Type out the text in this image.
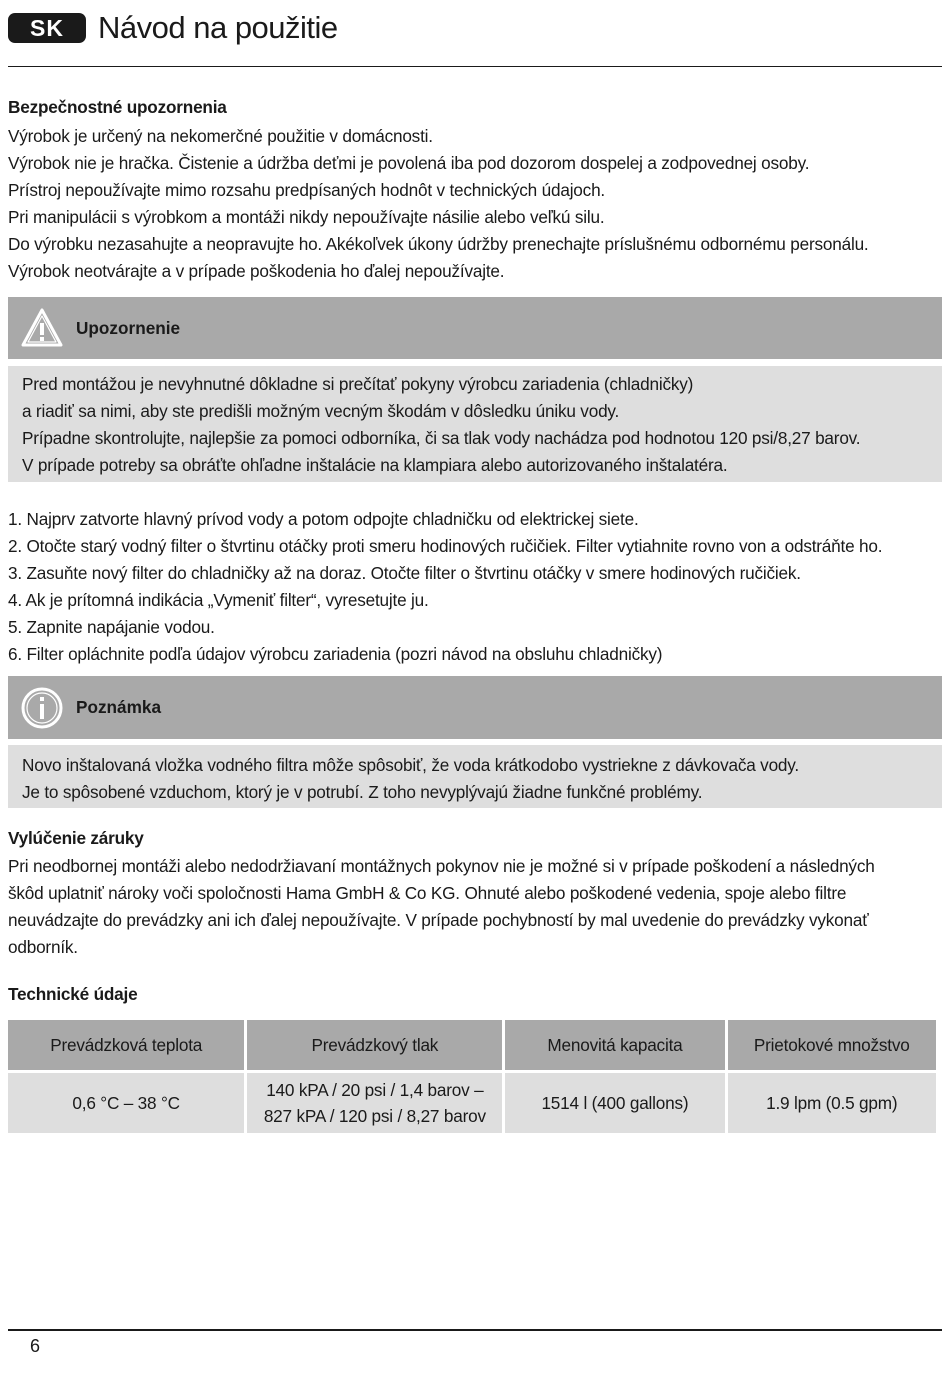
SK	Návod na použitie
Bezpečnostné upozornenia
Výrobok je určený na nekomerčné použitie v domácnosti.
Výrobok nie je hračka. Čistenie a údržba deťmi je povolená iba pod dozorom dospelej a zodpovednej osoby.
Prístroj nepoužívajte mimo rozsahu predpísaných hodnôt v technických údajoch.
Pri manipulácii s výrobkom a montáži nikdy nepoužívajte násilie alebo veľkú silu.
Do výrobku nezasahujte a neopravujte ho. Akékoľvek úkony údržby prenechajte príslušnému odbornému personálu.
Výrobok neotvárajte a v prípade poškodenia ho ďalej nepoužívajte.
Upozornenie
Pred montážou je nevyhnutné dôkladne si prečítať pokyny výrobcu zariadenia (chladničky)
a riadiť sa nimi, aby ste predišli možným vecným škodám v dôsledku úniku vody.
Prípadne skontrolujte, najlepšie za pomoci odborníka, či sa tlak vody nachádza pod hodnotou 120 psi/8,27 barov.
V prípade potreby sa obráťte ohľadne inštalácie na klampiara alebo autorizovaného inštalatéra.
1. Najprv zatvorte hlavný prívod vody a potom odpojte chladničku od elektrickej siete.
2. Otočte starý vodný filter o štvrtinu otáčky proti smeru hodinových ručičiek. Filter vytiahnite rovno von a odstráňte ho.
3. Zasuňte nový filter do chladničky až na doraz. Otočte filter o štvrtinu otáčky v smere hodinových ručičiek.
4. Ak je prítomná indikácia „Vymeniť filter“, vyresetujte ju.
5. Zapnite napájanie vodou.
6. Filter opláchnite podľa údajov výrobcu zariadenia (pozri návod na obsluhu chladničky)
Poznámka
Novo inštalovaná vložka vodného filtra môže spôsobiť, že voda krátkodobo vystriekne z dávkovača vody.
Je to spôsobené vzduchom, ktorý je v potrubí. Z toho nevyplývajú žiadne funkčné problémy.
Vylúčenie záruky
Pri neodbornej montáži alebo nedodržiavaní montážnych pokynov nie je možné si v prípade poškodení a následných
škôd uplatniť nároky voči spoločnosti Hama GmbH & Co KG. Ohnuté alebo poškodené vedenia, spoje alebo filtre
neuvádzajte do prevádzky ani ich ďalej nepoužívajte. V prípade pochybností by mal uvedenie do prevádzky vykonať
odborník.
Technické údaje
Prevádzková teplota	Prevádzkový tlak	Menovitá kapacita	Prietokové množstvo
0,6 °C – 38 °C	140 kPA / 20 psi / 1,4 barov –
827 kPA / 120 psi / 8,27 barov	1514 l (400 gallons)	1.9 lpm (0.5 gpm)
6
